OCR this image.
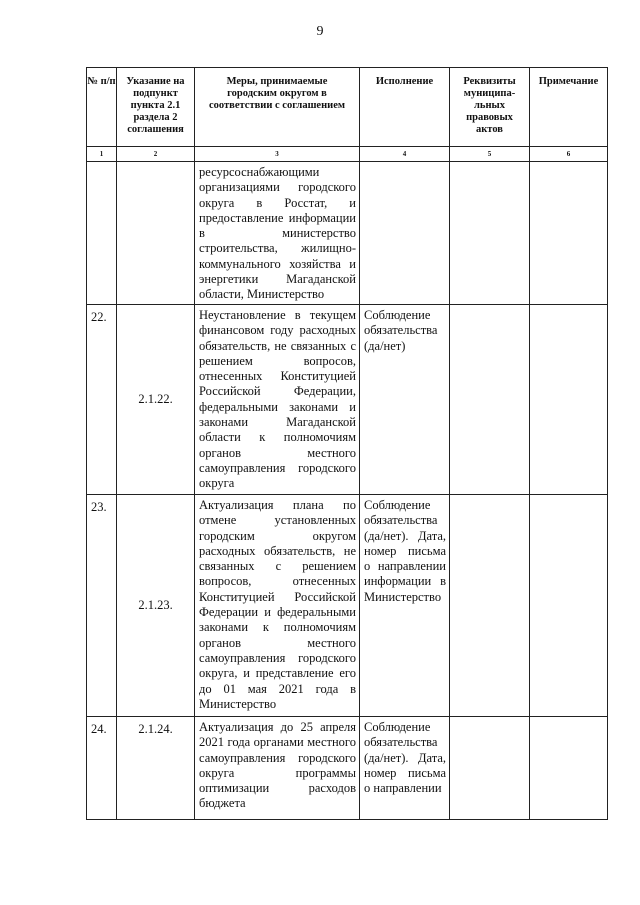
9
№ п/п	Указание на подпункт пункта 2.1 раздела 2 соглашения	Меры, принимаемые городским округом в соответствии с соглашением	Исполнение	Реквизиты муниципа- льных правовых актов	Примечание
1	2	3	4	5	6
		ресурсоснабжающими организациями городского округа в Росстат, и предоставление информации в министерство строительства, жилищно-коммунального хозяйства и энергетики Магаданской области, Министерство			
22.	2.1.22.	Неустановление в текущем финансовом году расходных обязательств, не связанных с решением вопросов, отнесенных Конституцией Российской Федерации, федеральными законами и законами Магаданской области к полномочиям органов местного самоуправления городского округа	Соблюдение обязательства (да/нет)		
23.	2.1.23.	Актуализация плана по отмене установленных городским округом расходных обязательств, не связанных с решением вопросов, отнесенных Конституцией Российской Федерации и федеральными законами к полномочиям органов местного самоуправления городского округа, и представление его до 01 мая 2021 года в Министерство	Соблюдение обязательства (да/нет). Дата, номер письма о направлении информации в Министерство		
24.	2.1.24.	Актуализация до 25 апреля 2021 года органами местного самоуправления городского округа программы оптимизации расходов бюджета	Соблюдение обязательства (да/нет). Дата, номер письма о направлении		
